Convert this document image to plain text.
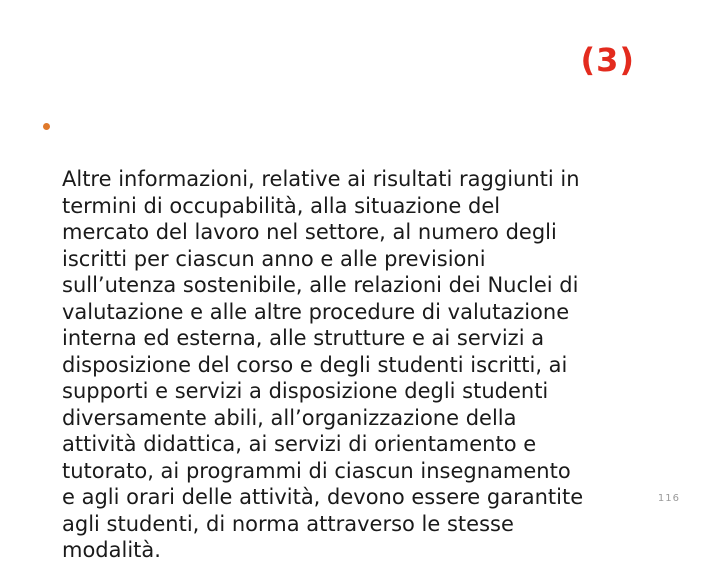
(3)

Altre informazioni, relative ai risultati raggiunti in
termini di occupabilità, alla situazione del
mercato del lavoro nel settore, al numero degli
iscritti per ciascun anno e alle previsioni
sull’utenza sostenibile, alle relazioni dei Nuclei di
valutazione e alle altre procedure di valutazione
interna ed esterna, alle strutture e ai servizi a
disposizione del corso e degli studenti iscritti, ai
supporti e servizi a disposizione degli studenti
diversamente abili, all’organizzazione della
attività didattica, ai servizi di orientamento e
tutorato, ai programmi di ciascun insegnamento
e agli orari delle attività, devono essere garantite
agli studenti, di norma attraverso le stesse
modalità.

116
